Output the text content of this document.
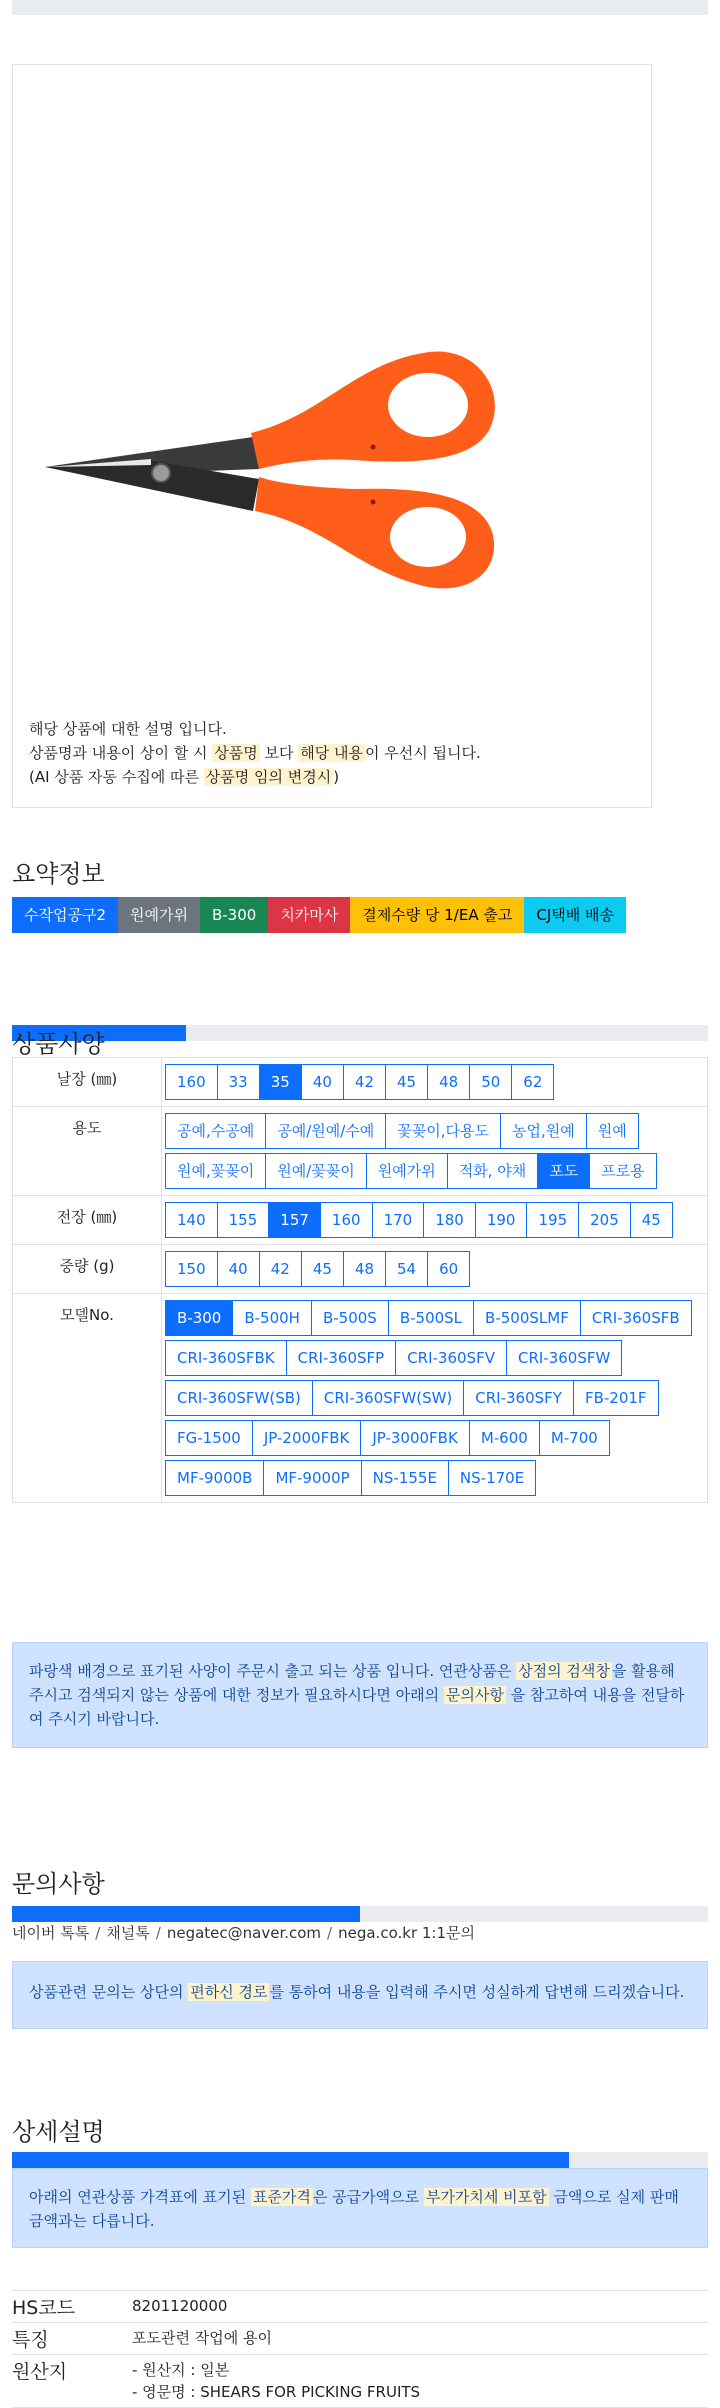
해당 상품에 대한 설명 입니다.
상품명과 내용이 상이 할 시 상품명 보다 해당 내용 이 우선시 됩니다.
(AI 상품 자동 수집에 따른 상품명 임의 변경시 )
요약정보
수작업공구2	원예가위	B-300	치카마사	결제수량 당 1/EA 출고	CJ택배 배송
상품사양
날장 (㎜)	160	33	35	40	42	45	48	50	62
용도	공예,수공예	공예/원예/수예	꽃꽂이,다용도	농업,원예	원예
원예,꽃꽂이	원예/꽃꽂이	원예가위	적화, 야채	포도	프로용
전장 (㎜)	140	155	157	160	170	180	190	195	205	45
중량 (g)	150	40	42	45	48	54	60
모델No.	B-300	B-500H	B-500S	B-500SL	B-500SLMF	CRI-360SFB
CRI-360SFBK	CRI-360SFP	CRI-360SFV	CRI-360SFW
CRI-360SFW(SB)	CRI-360SFW(SW)	CRI-360SFY	FB-201F
FG-1500	JP-2000FBK	JP-3000FBK	M-600	M-700
MF-9000B	MF-9000P	NS-155E	NS-170E
파랑색 배경으로 표기된 사양이 주문시 출고 되는 상품 입니다. 연관상품은 상점의 검색창 을 활용해 주시고 검색되지 않는 상품에 대한 정보가 필요하시다면 아래의 문의사항 을 참고하여 내용을 전달하여 주시기 바랍니다.
문의사항
네이버 톡톡 / 채널톡 / negatec@naver.com / nega.co.kr 1:1문의
상품관련 문의는 상단의 편하신 경로 를 통하여 내용을 입력해 주시면 성실하게 답변해 드리겠습니다.
상세설명
아래의 연관상품 가격표에 표기된 표준가격 은 공급가액으로 부가가치세 비포함 금액으로 실제 판매금액과는 다릅니다.
HS코드	8201120000
특징	포도관련 작업에 용이
원산지	- 원산지 : 일본
- 영문명 : SHEARS FOR PICKING FRUITS
